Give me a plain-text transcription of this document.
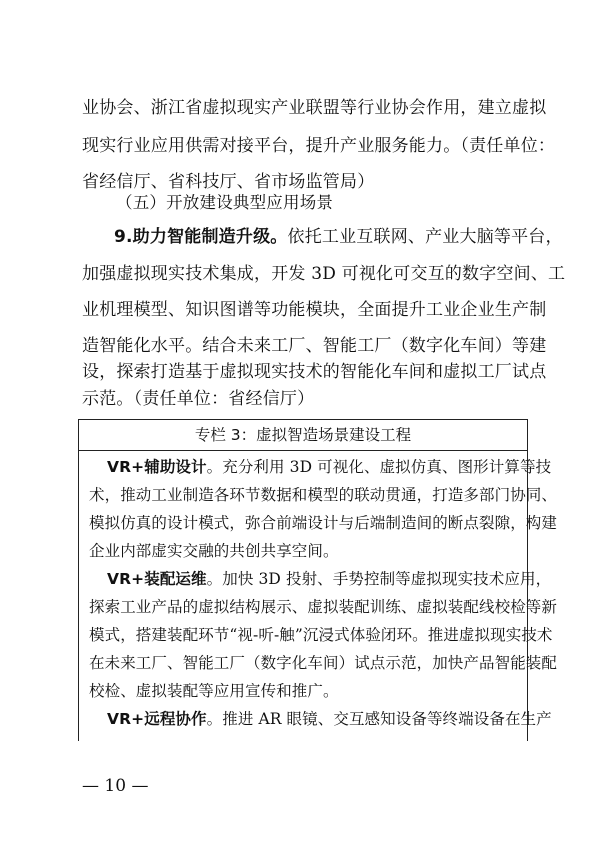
业协会、浙江省虚拟现实产业联盟等行业协会作用，建立虚拟
现实行业应用供需对接平台，提升产业服务能力。（责任单位：
省经信厅、省科技厅、省市场监管局）
（五）开放建设典型应用场景
9.助力智能制造升级。依托工业互联网、产业大脑等平台，
加强虚拟现实技术集成，开发 3D 可视化可交互的数字空间、工
业机理模型、知识图谱等功能模块，全面提升工业企业生产制
造智能化水平。结合未来工厂、智能工厂（数字化车间）等建
设，探索打造基于虚拟现实技术的智能化车间和虚拟工厂试点
示范。（责任单位：省经信厅）
专栏 3：虚拟智造场景建设工程
VR+辅助设计。充分利用 3D 可视化、虚拟仿真、图形计算等技
术，推动工业制造各环节数据和模型的联动贯通，打造多部门协同、
模拟仿真的设计模式，弥合前端设计与后端制造间的断点裂隙，构建
企业内部虚实交融的共创共享空间。
VR+装配运维。加快 3D 投射、手势控制等虚拟现实技术应用，
探索工业产品的虚拟结构展示、虚拟装配训练、虚拟装配线校检等新
模式，搭建装配环节“视-听-触”沉浸式体验闭环。推进虚拟现实技术
在未来工厂、智能工厂（数字化车间）试点示范，加快产品智能装配
校检、虚拟装配等应用宣传和推广。
VR+远程协作。推进 AR 眼镜、交互感知设备等终端设备在生产
— 10 —
